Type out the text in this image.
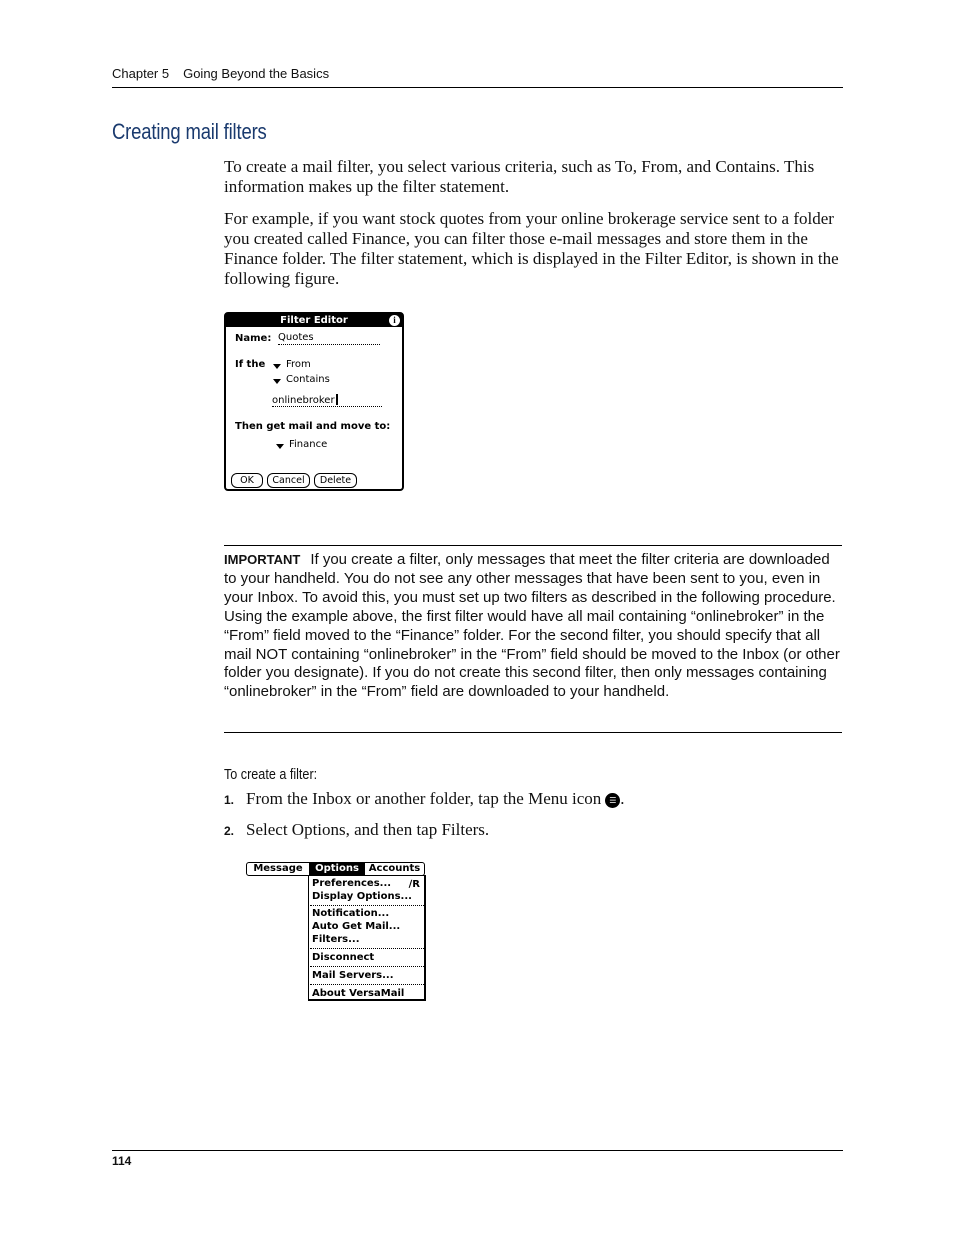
Chapter 5 Going Beyond the Basics
Creating mail filters

To create a mail filter, you select various criteria, such as To, From, and Contains. This information makes up the filter statement.

For example, if you want stock quotes from your online brokerage service sent to a folder you created called Finance, you can filter those e-mail messages and store them in the Finance folder. The filter statement, which is displayed in the Filter Editor, is shown in the following figure.

Filter Editor	i
Name: Quotes
If the From
Contains
onlinebroker
Then get mail and move to:
Finance
OK	Cancel	Delete

IMPORTANT If you create a filter, only messages that meet the filter criteria are downloaded to your handheld. You do not see any other messages that have been sent to you, even in your Inbox. To avoid this, you must set up two filters as described in the following procedure. Using the example above, the first filter would have all mail containing “onlinebroker” in the “From” field moved to the “Finance” folder. For the second filter, you should specify that all mail NOT containing “onlinebroker” in the “From” field should be moved to the Inbox (or other folder you designate). If you do not create this second filter, then only messages containing “onlinebroker” in the “From” field are downloaded to your handheld.

To create a filter:
1. From the Inbox or another folder, tap the Menu icon ☰ .
2. Select Options, and then tap Filters.
Message	Options Accounts
Preferences... ∕R
Display Options...
Notification...
Auto Get Mail...
Filters...
Disconnect
Mail Servers...
About VersaMail
114
